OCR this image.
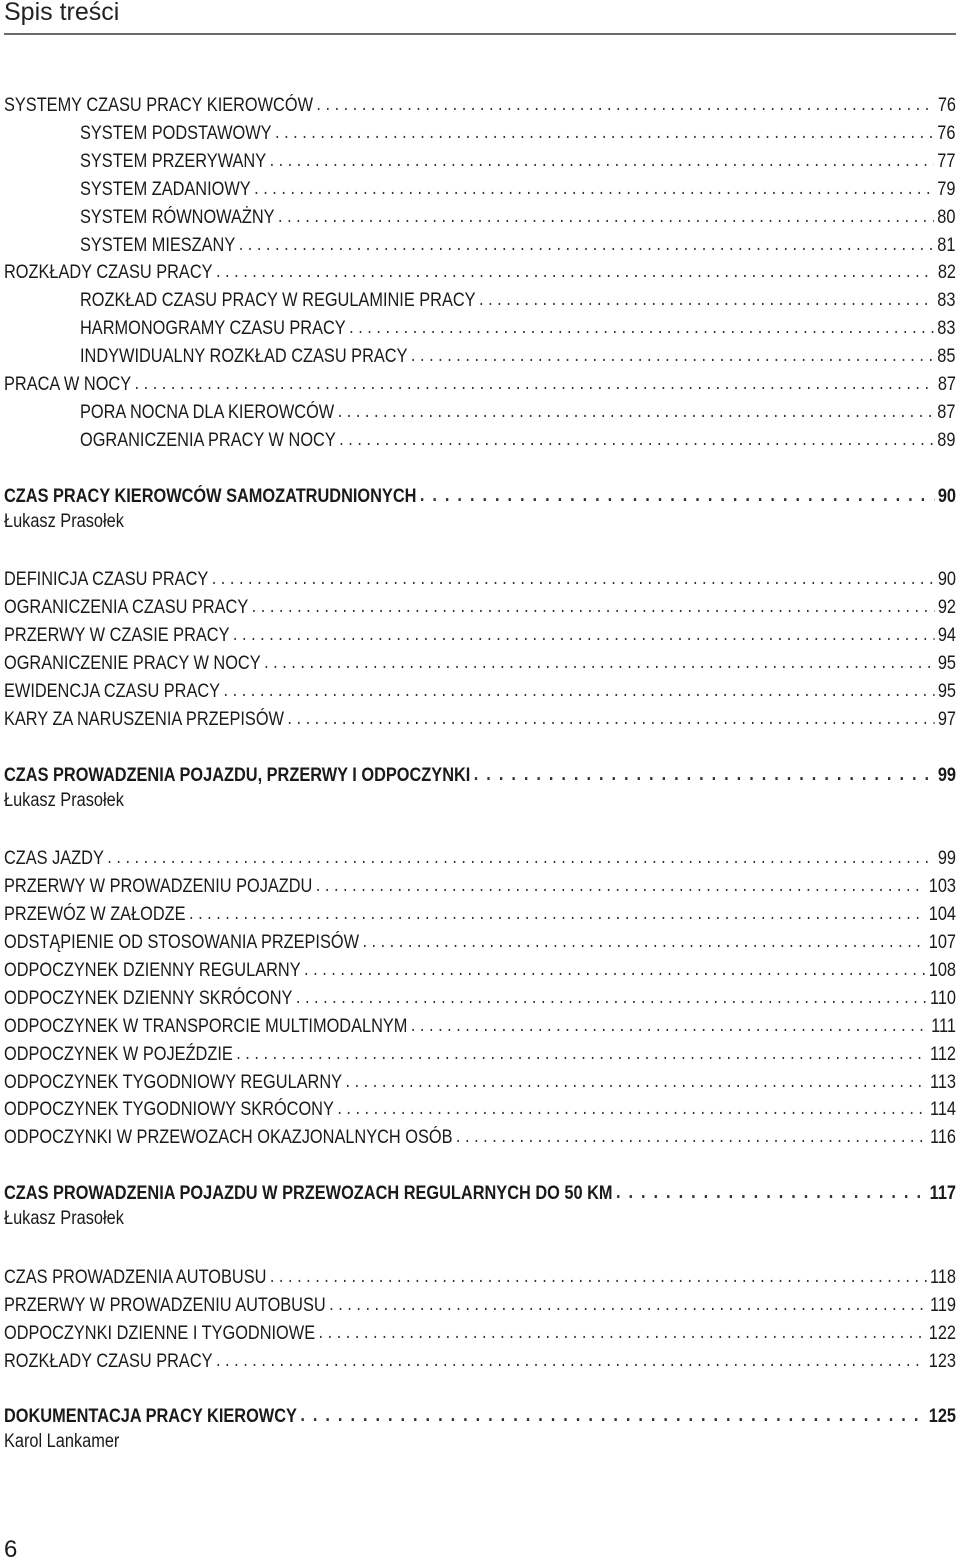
Spis treści
SYSTEMY CZASU PRACY KIEROWCÓW . . .	76
SYSTEM PODSTAWOWY . . .	76
SYSTEM PRZERYWANY . . .	77
SYSTEM ZADANIOWY . . .	79
SYSTEM RÓWNOWAŻNY . . .	80
SYSTEM MIESZANY . . .	81
ROZKŁADY CZASU PRACY . . .	82
ROZKŁAD CZASU PRACY W REGULAMINIE PRACY . . .	83
HARMONOGRAMY CZASU PRACY . . .	83
INDYWIDUALNY ROZKŁAD CZASU PRACY . . .	85
PRACA W NOCY . . .	87
PORA NOCNA DLA KIEROWCÓW . . .	87
OGRANICZENIA PRACY W NOCY . . .	89
CZAS PRACY KIEROWCÓW SAMOZATRUDNIONYCH . . .	90
Łukasz Prasołek
DEFINICJA CZASU PRACY . . .	90
OGRANICZENIA CZASU PRACY . . .	92
PRZERWY W CZASIE PRACY . . .	94
OGRANICZENIE PRACY W NOCY . . .	95
EWIDENCJA CZASU PRACY . . .	95
KARY ZA NARUSZENIA PRZEPISÓW . . .	97
CZAS PROWADZENIA POJAZDU, PRZERWY I ODPOCZYNKI . . .	99
Łukasz Prasołek
CZAS JAZDY . . .	99
PRZERWY W PROWADZENIU POJAZDU . . .	103
PRZEWÓZ W ZAŁODZE . . .	104
ODSTĄPIENIE OD STOSOWANIA PRZEPISÓW . . .	107
ODPOCZYNEK DZIENNY REGULARNY . . .	108
ODPOCZYNEK DZIENNY SKRÓCONY . . .	110
ODPOCZYNEK W TRANSPORCIE MULTIMODALNYM . . .	111
ODPOCZYNEK W POJEŹDZIE . . .	112
ODPOCZYNEK TYGODNIOWY REGULARNY . . .	113
ODPOCZYNEK TYGODNIOWY SKRÓCONY . . .	114
ODPOCZYNKI W PRZEWOZACH OKAZJONALNYCH OSÓB . . .	116
CZAS PROWADZENIA POJAZDU W PRZEWOZACH REGULARNYCH DO 50 KM . . .	117
Łukasz Prasołek
CZAS PROWADZENIA AUTOBUSU . . .	118
PRZERWY W PROWADZENIU AUTOBUSU . . .	119
ODPOCZYNKI DZIENNE I TYGODNIOWE . . .	122
ROZKŁADY CZASU PRACY . . .	123
DOKUMENTACJA PRACY KIEROWCY . . .	125
Karol Lankamer
6
